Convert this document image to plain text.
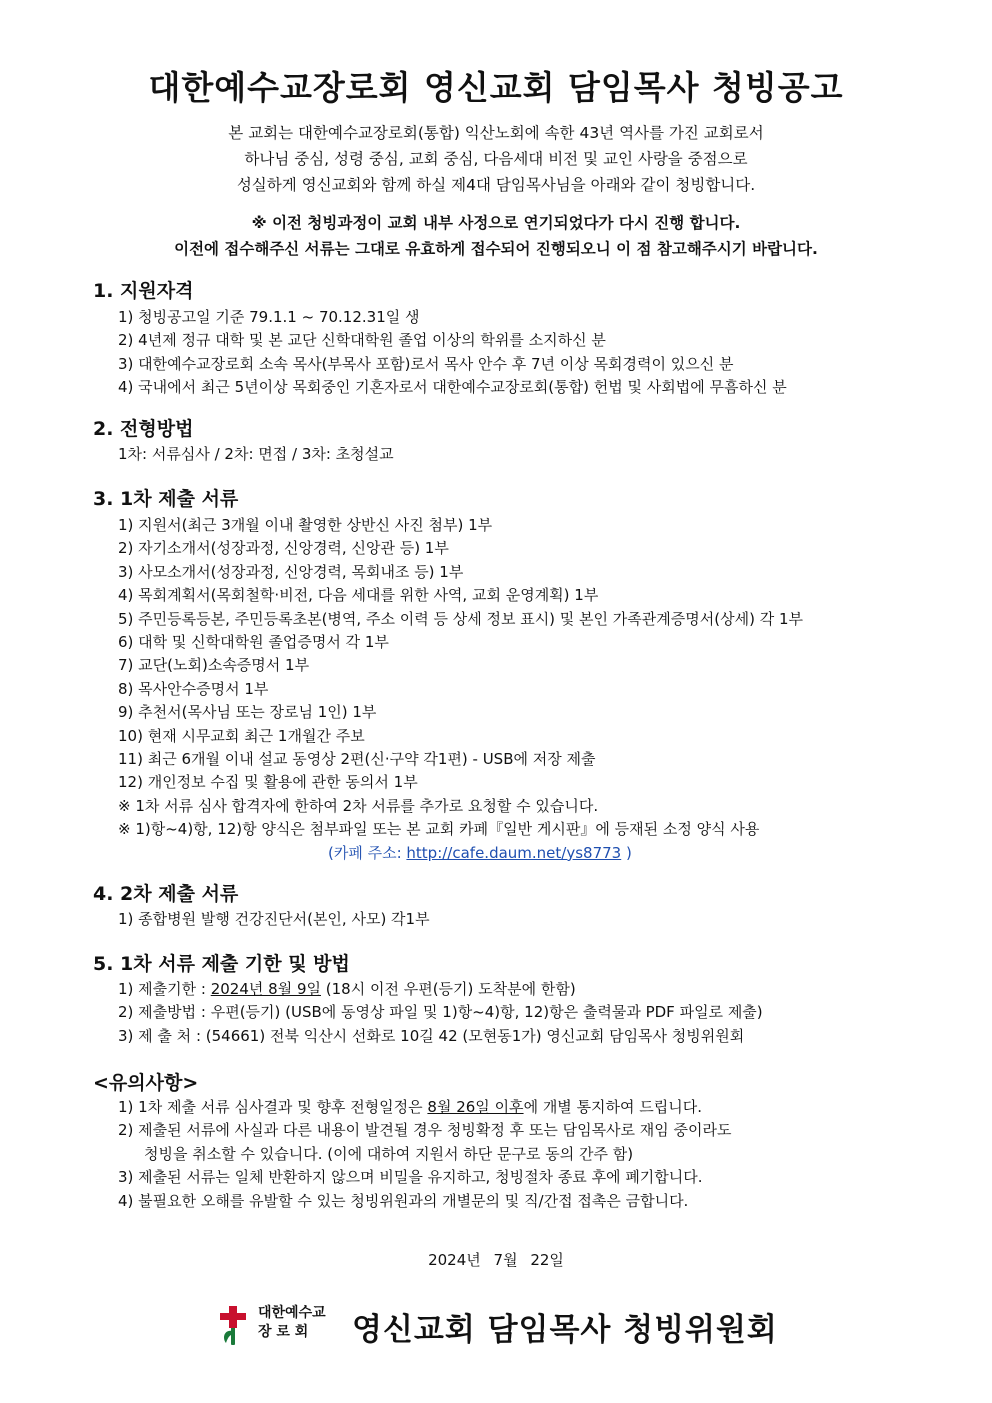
대한예수교장로회 영신교회 담임목사 청빙공고
본 교회는 대한예수교장로회(통합) 익산노회에 속한 43년 역사를 가진 교회로서
하나님 중심, 성령 중심, 교회 중심, 다음세대 비전 및 교인 사랑을 중점으로
성실하게 영신교회와 함께 하실 제4대 담임목사님을 아래와 같이 청빙합니다.
※ 이전 청빙과정이 교회 내부 사정으로 연기되었다가 다시 진행 합니다.
이전에 접수해주신 서류는 그대로 유효하게 접수되어 진행되오니 이 점 참고해주시기 바랍니다.
1. 지원자격
1) 청빙공고일 기준 79.1.1 ~ 70.12.31일 생
2) 4년제 정규 대학 및 본 교단 신학대학원 졸업 이상의 학위를 소지하신 분
3) 대한예수교장로회 소속 목사(부목사 포함)로서 목사 안수 후 7년 이상 목회경력이 있으신 분
4) 국내에서 최근 5년이상 목회중인 기혼자로서 대한예수교장로회(통합) 헌법 및 사회법에 무흠하신 분
2. 전형방법
1차: 서류심사 / 2차: 면접 / 3차: 초청설교
3. 1차 제출 서류
1) 지원서(최근 3개월 이내 촬영한 상반신 사진 첨부) 1부
2) 자기소개서(성장과정, 신앙경력, 신앙관 등) 1부
3) 사모소개서(성장과정, 신앙경력, 목회내조 등) 1부
4) 목회계획서(목회철학·비전, 다음 세대를 위한 사역, 교회 운영계획) 1부
5) 주민등록등본, 주민등록초본(병역, 주소 이력 등 상세 정보 표시) 및 본인 가족관계증명서(상세) 각 1부
6) 대학 및 신학대학원 졸업증명서 각 1부
7) 교단(노회)소속증명서 1부
8) 목사안수증명서 1부
9) 추천서(목사님 또는 장로님 1인) 1부
10) 현재 시무교회 최근 1개월간 주보
11) 최근 6개월 이내 설교 동영상 2편(신·구약 각1편) - USB에 저장 제출
12) 개인정보 수집 및 활용에 관한 동의서 1부
※ 1차 서류 심사 합격자에 한하여 2차 서류를 추가로 요청할 수 있습니다.
※ 1)항~4)항, 12)항 양식은 첨부파일 또는 본 교회 카페『일반 게시판』에 등재된 소정 양식 사용
(카페 주소: http://cafe.daum.net/ys8773 )
4. 2차 제출 서류
1) 종합병원 발행 건강진단서(본인, 사모) 각1부
5. 1차 서류 제출 기한 및 방법
1) 제출기한 : 2024년 8월 9일 (18시 이전 우편(등기) 도착분에 한함)
2) 제출방법 : 우편(등기) (USB에 동영상 파일 및 1)항~4)항, 12)항은 출력물과 PDF 파일로 제출)
3) 제 출 처 : (54661) 전북 익산시 선화로 10길 42 (모현동1가) 영신교회 담임목사 청빙위원회
<유의사항>
1) 1차 제출 서류 심사결과 및 향후 전형일정은 8월 26일 이후에 개별 통지하여 드립니다.
2) 제출된 서류에 사실과 다른 내용이 발견될 경우 청빙확정 후 또는 담임목사로 재임 중이라도
청빙을 취소할 수 있습니다. (이에 대하여 지원서 하단 문구로 동의 간주 함)
3) 제출된 서류는 일체 반환하지 않으며 비밀을 유지하고, 청빙절차 종료 후에 폐기합니다.
4) 불필요한 오해를 유발할 수 있는 청빙위원과의 개별문의 및 직/간접 접촉은 금합니다.
2024년 7월 22일
대한예수교
장 로 회	영신교회 담임목사 청빙위원회
